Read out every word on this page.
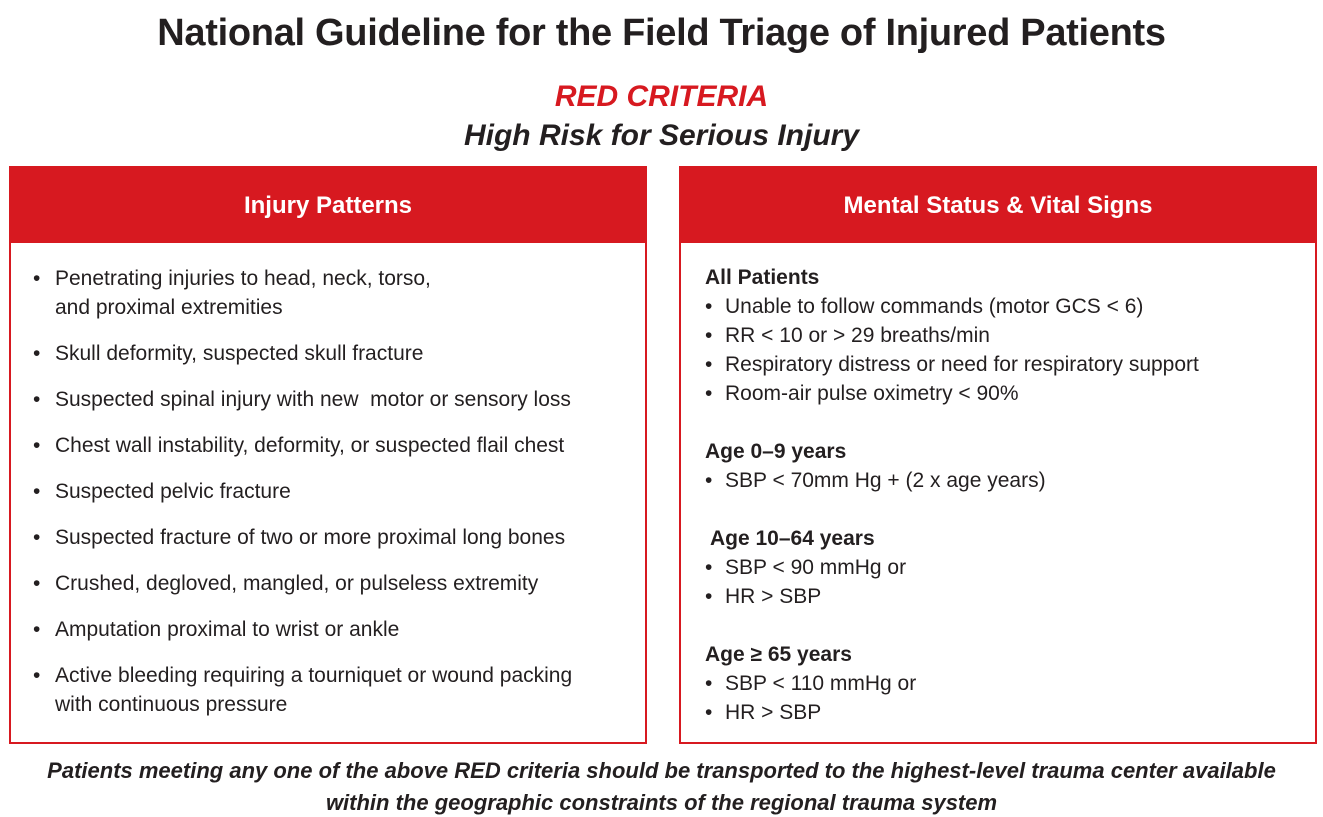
National Guideline for the Field Triage of Injured Patients
RED CRITERIA
High Risk for Serious Injury
Injury Patterns
• Penetrating injuries to head, neck, torso,
and proximal extremities
• Skull deformity, suspected skull fracture
• Suspected spinal injury with new  motor or sensory loss
• Chest wall instability, deformity, or suspected flail chest
• Suspected pelvic fracture
• Suspected fracture of two or more proximal long bones
• Crushed, degloved, mangled, or pulseless extremity
• Amputation proximal to wrist or ankle
• Active bleeding requiring a tourniquet or wound packing
with continuous pressure
Mental Status & Vital Signs
All Patients
• Unable to follow commands (motor GCS < 6)
• RR < 10 or > 29 breaths/min
• Respiratory distress or need for respiratory support
• Room-air pulse oximetry < 90%
Age 0–9 years
• SBP < 70mm Hg + (2 x age years)
Age 10–64 years
• SBP < 90 mmHg or
• HR > SBP
Age ≥ 65 years
• SBP < 110 mmHg or
• HR > SBP
Patients meeting any one of the above RED criteria should be transported to the highest-level trauma center available
within the geographic constraints of the regional trauma system
